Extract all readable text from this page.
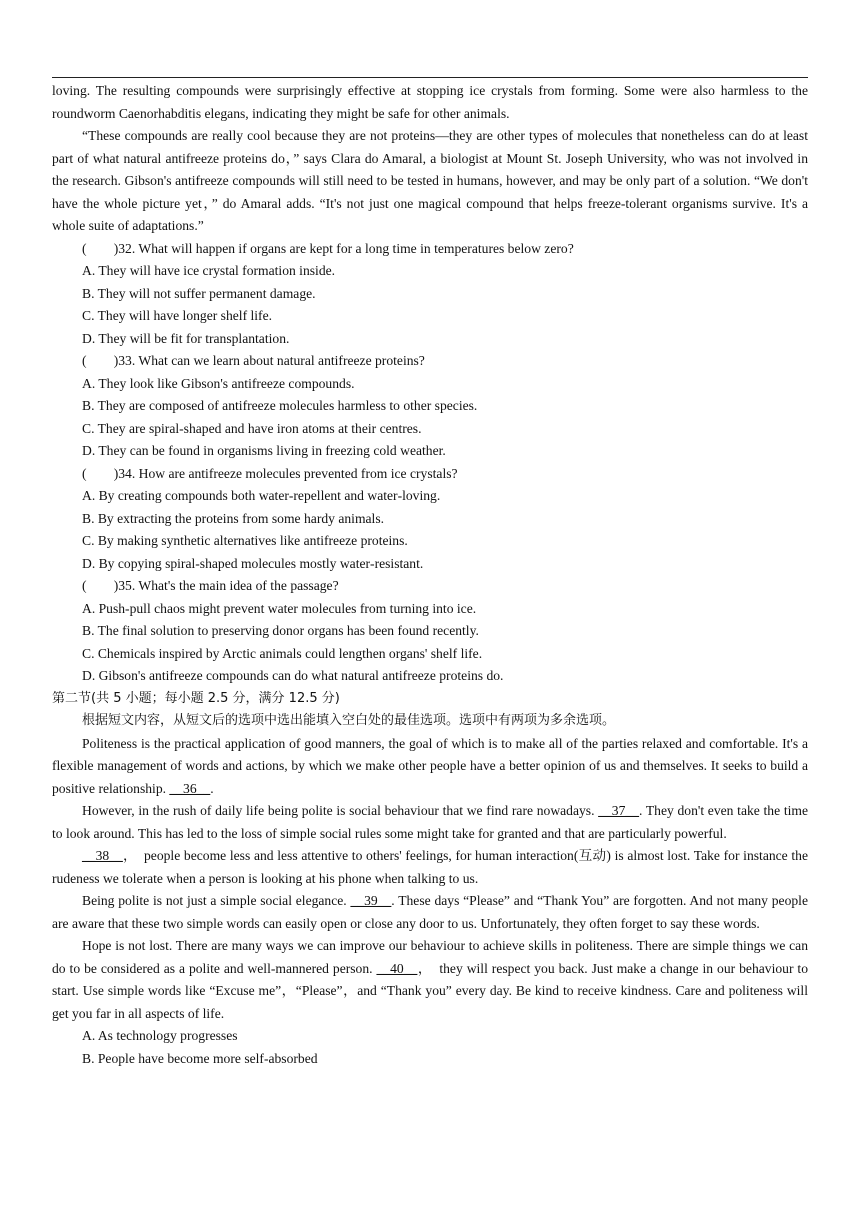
loving. The resulting compounds were surprisingly effective at stopping ice crystals from forming. Some were also harmless to the roundworm Caenorhabditis elegans, indicating they might be safe for other animals.

“These compounds are really cool because they are not proteins—they are other types of molecules that nonetheless can do at least part of what natural antifreeze proteins do，” says Clara do Amaral, a biologist at Mount St. Joseph University, who was not involved in the research. Gibson's antifreeze compounds will still need to be tested in humans, however, and may be only part of a solution. “We don't have the whole picture yet，” do Amaral adds. “It's not just one magical compound that helps freeze‑tolerant organisms survive. It's a whole suite of adaptations.”

(　　)32. What will happen if organs are kept for a long time in temperatures below zero?

A. They will have ice crystal formation inside.

B. They will not suffer permanent damage.

C. They will have longer shelf life.

D. They will be fit for transplantation.

(　　)33. What can we learn about natural antifreeze proteins?

A. They look like Gibson's antifreeze compounds.

B. They are composed of antifreeze molecules harmless to other species.

C. They are spiral‑shaped and have iron atoms at their centres.

D. They can be found in organisms living in freezing cold weather.

(　　)34. How are antifreeze molecules prevented from ice crystals?

A. By creating compounds both water‑repellent and water‑loving.

B. By extracting the proteins from some hardy animals.

C. By making synthetic alternatives like antifreeze proteins.

D. By copying spiral‑shaped molecules mostly water‑resistant.

(　　)35. What's the main idea of the passage?

A. Push‑pull chaos might prevent water molecules from turning into ice.

B. The final solution to preserving donor organs has been found recently.

C. Chemicals inspired by Arctic animals could lengthen organs' shelf life.

D. Gibson's antifreeze compounds can do what natural antifreeze proteins do.

第二节(共 5 小题；每小题 2.5 分，满分 12.5 分)

根据短文内容，从短文后的选项中选出能填入空白处的最佳选项。选项中有两项为多余选项。

Politeness is the practical application of good manners, the goal of which is to make all of the parties relaxed and comfortable. It's a flexible management of words and actions, by which we make other people have a better opinion of us and themselves. It seeks to build a positive relationship. __36__.

However, in the rush of daily life being polite is social behaviour that we find rare nowadays. __37__. They don't even take the time to look around. This has led to the loss of simple social rules some might take for granted and that are particularly powerful.

__38__，　people become less and less attentive to others' feelings, for human interaction(互动) is almost lost. Take for instance the rudeness we tolerate when a person is looking at his phone when talking to us.

Being polite is not just a simple social elegance. __39__. These days “Please” and “Thank You” are forgotten. And not many people are aware that these two simple words can easily open or close any door to us. Unfortunately, they often forget to say these words.

Hope is not lost. There are many ways we can improve our behaviour to achieve skills in politeness. There are simple things we can do to be considered as a polite and well-mannered person. __40__，　they will respect you back. Just make a change in our behaviour to start. Use simple words like “Excuse me”，“Please”，and “Thank you” every day. Be kind to receive kindness. Care and politeness will get you far in all aspects of life.

A. As technology progresses

B. People have become more self‑absorbed
